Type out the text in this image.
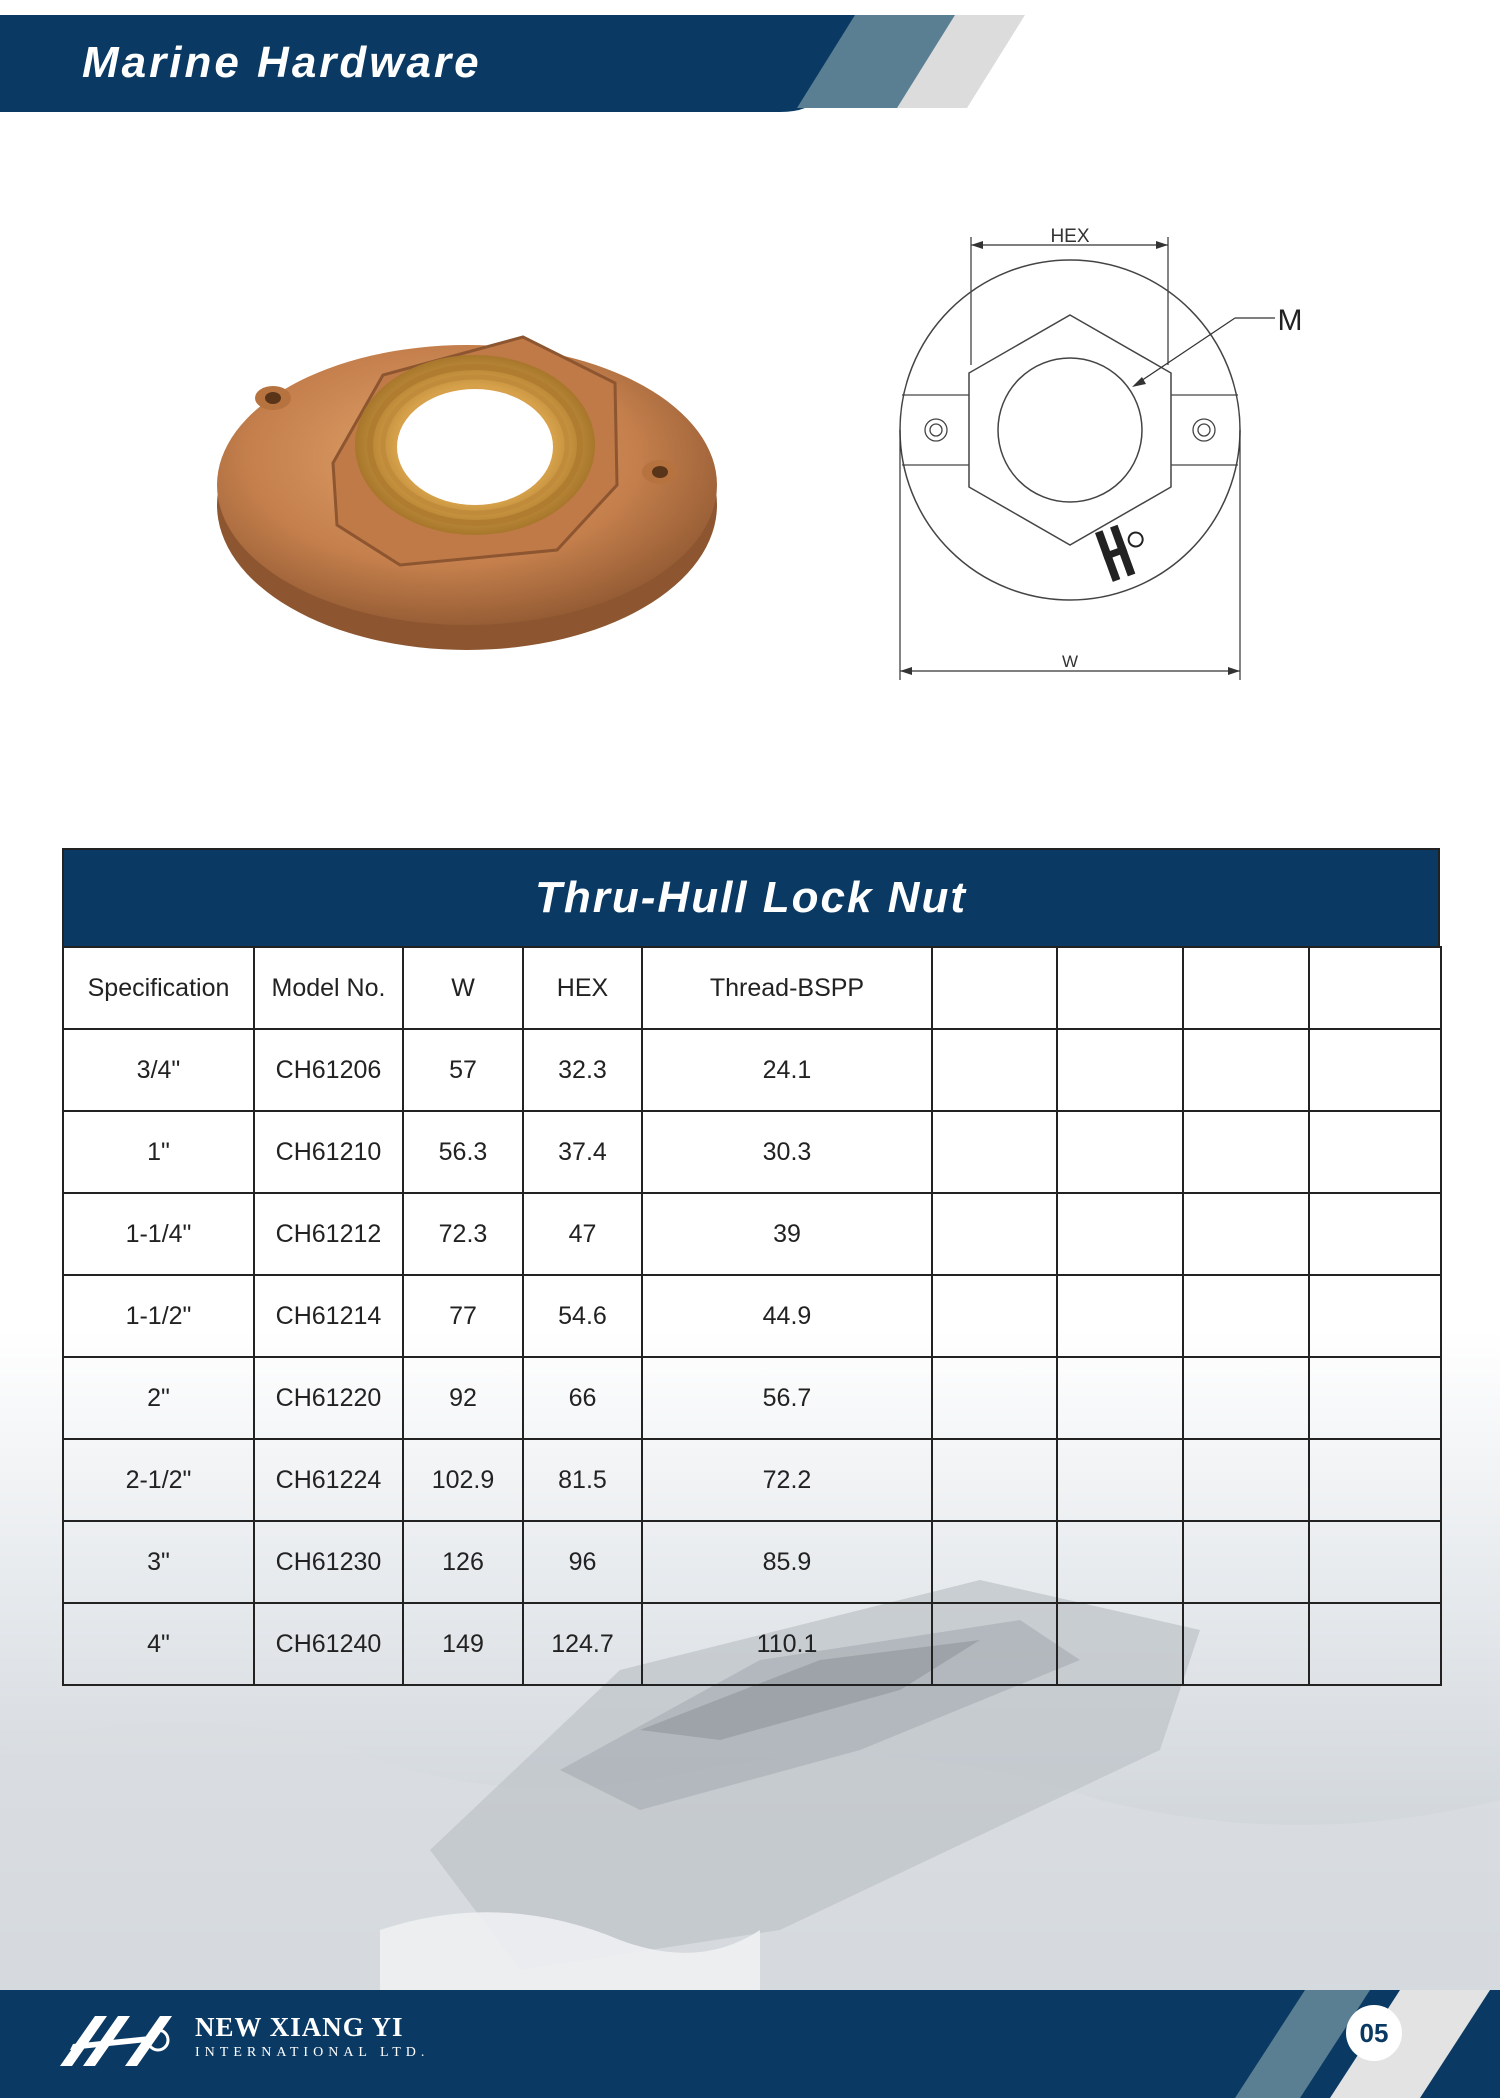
Marine Hardware
HEX
W
M
Thru-Hull Lock Nut
Specification	Model No.	W	HEX	Thread-BSPP				
3/4"	CH61206	57	32.3	24.1				
1"	CH61210	56.3	37.4	30.3				
1-1/4"	CH61212	72.3	47	39				
1-1/2"	CH61214	77	54.6	44.9				
2"	CH61220	92	66	56.7				
2-1/2"	CH61224	102.9	81.5	72.2				
3"	CH61230	126	96	85.9				
4"	CH61240	149	124.7	110.1				
NEW XIANG YI
INTERNATIONAL LTD.
05
